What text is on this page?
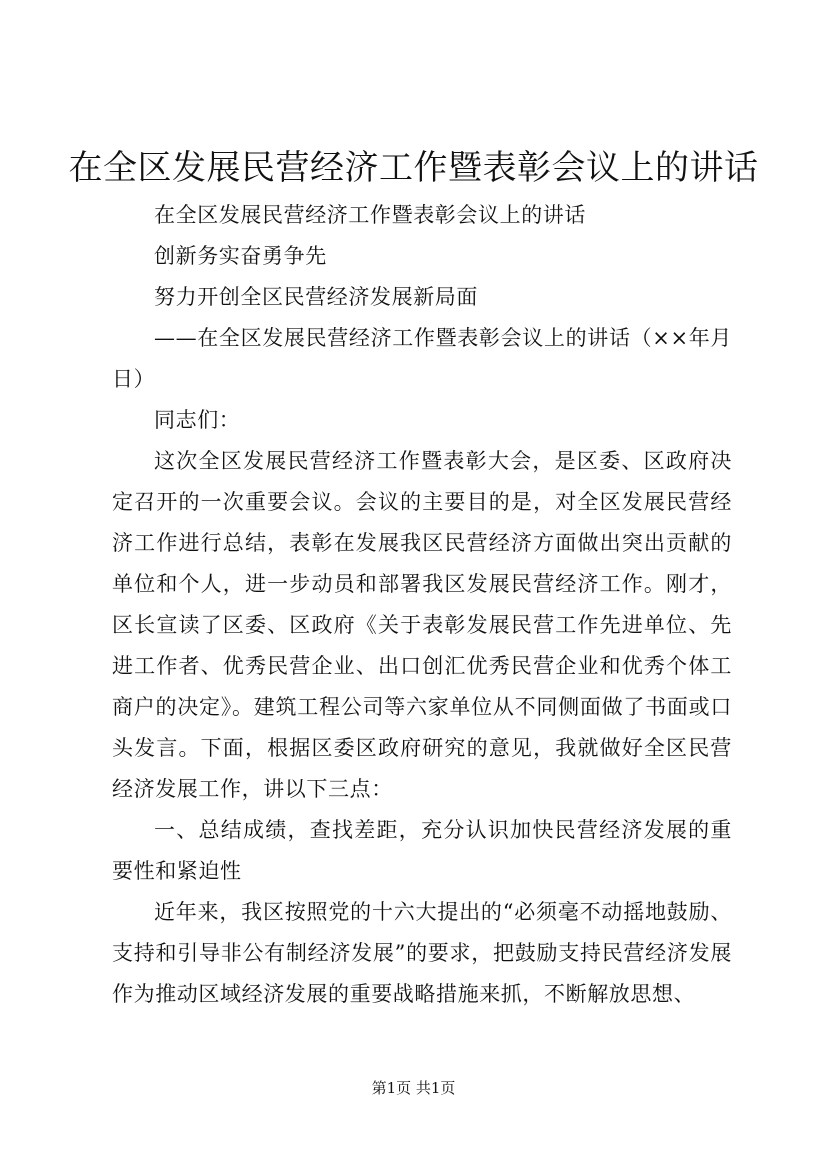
在全区发展民营经济工作暨表彰会议上的讲话

在全区发展民营经济工作暨表彰会议上的讲话

创新务实奋勇争先

努力开创全区民营经济发展新局面

——在全区发展民营经济工作暨表彰会议上的讲话（××年月日）

同志们：

这次全区发展民营经济工作暨表彰大会，是区委、区政府决定召开的一次重要会议。会议的主要目的是，对全区发展民营经济工作进行总结，表彰在发展我区民营经济方面做出突出贡献的单位和个人，进一步动员和部署我区发展民营经济工作。刚才，区长宣读了区委、区政府《关于表彰发展民营工作先进单位、先进工作者、优秀民营企业、出口创汇优秀民营企业和优秀个体工商户的决定》。建筑工程公司等六家单位从不同侧面做了书面或口头发言。下面，根据区委区政府研究的意见，我就做好全区民营经济发展工作，讲以下三点：

一、总结成绩，查找差距，充分认识加快民营经济发展的重要性和紧迫性

近年来，我区按照党的十六大提出的“必须毫不动摇地鼓励、支持和引导非公有制经济发展”的要求，把鼓励支持民营经济发展作为推动区域经济发展的重要战略措施来抓，不断解放思想、

第1页 共1页
